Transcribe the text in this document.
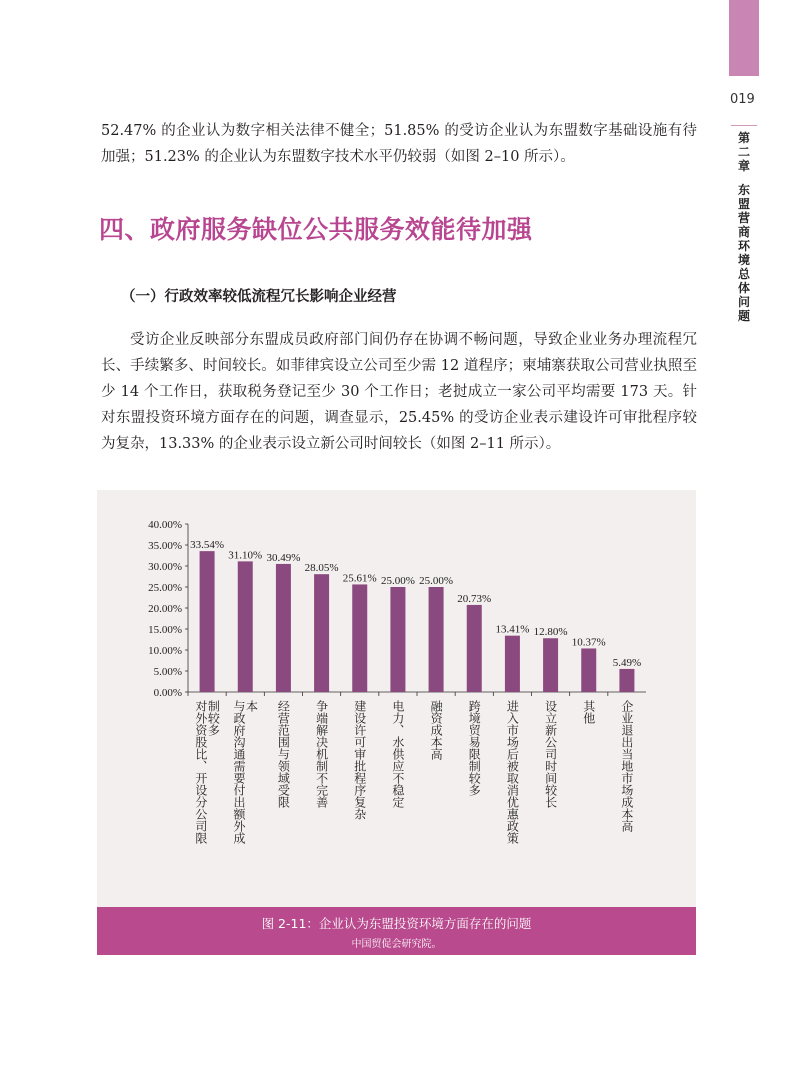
019
第二章
东盟营商环境总体问题
52.47% 的企业认为数字相关法律不健全；51.85% 的受访企业认为东盟数字基础设施有待加强；51.23% 的企业认为东盟数字技术水平仍较弱（如图 2–10 所示）。
四、政府服务缺位公共服务效能待加强
（一）行政效率较低流程冗长影响企业经营
受访企业反映部分东盟成员政府部门间仍存在协调不畅问题，导致企业业务办理流程冗长、手续繁多、时间较长。如菲律宾设立公司至少需 12 道程序；柬埔寨获取公司营业执照至少 14 个工作日，获取税务登记至少 30 个工作日；老挝成立一家公司平均需要 173 天。针对东盟投资环境方面存在的问题，调查显示，25.45% 的受访企业表示建设许可审批程序较为复杂，13.33% 的企业表示设立新公司时间较长（如图 2–11 所示）。
40.00%
35.00%
30.00%
25.00%
20.00%
15.00%
10.00%
5.00%
0.00%
33.54%
对外资股比、开设分公司限
制较多
31.10%
与政府沟通需要付出额外成
本
30.49%
经营范围与领域受限
28.05%
争端解决机制不完善
25.61%
建设许可审批程序复杂
25.00%
电力、水供应不稳定
25.00%
融资成本高
20.73%
跨境贸易限制较多
13.41%
进入市场后被取消优惠政策
12.80%
设立新公司时间较长
10.37%
其他
5.49%
企业退出当地市场成本高
图 2-11：企业认为东盟投资环境方面存在的问题
中国贸促会研究院。
